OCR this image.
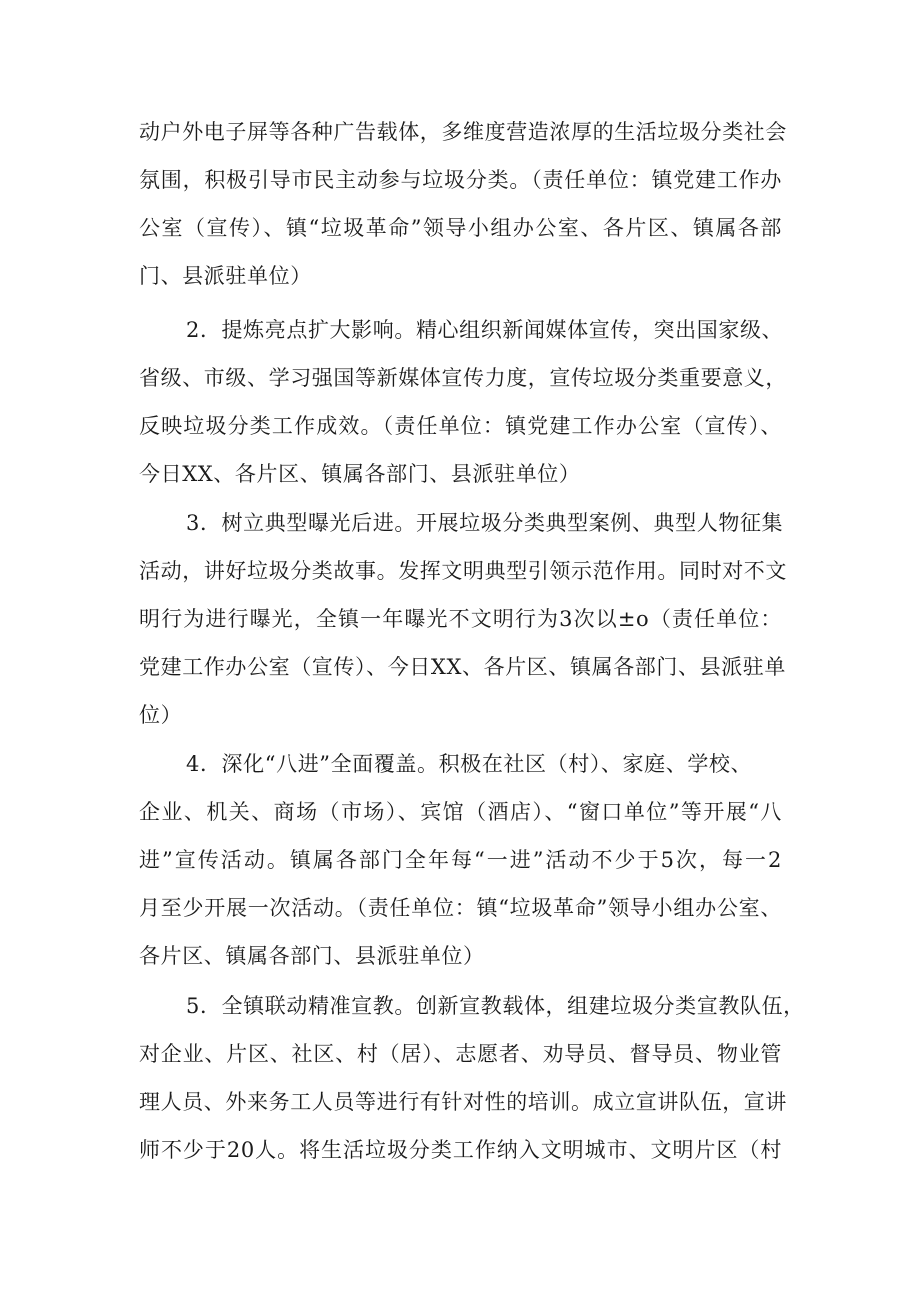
动户外电子屏等各种广告载体，多维度营造浓厚的生活垃圾分类社会
氛围，积极引导市民主动参与垃圾分类。（责任单位：镇党建工作办
公室（宣传）、镇“垃圾革命”领导小组办公室、各片区、镇属各部
门、县派驻单位）
2．提炼亮点扩大影响。精心组织新闻媒体宣传，突出国家级、
省级、市级、学习强国等新媒体宣传力度，宣传垃圾分类重要意义，
反映垃圾分类工作成效。（责任单位：镇党建工作办公室（宣传）、
今日XX、各片区、镇属各部门、县派驻单位）
3．树立典型曝光后进。开展垃圾分类典型案例、典型人物征集
活动，讲好垃圾分类故事。发挥文明典型引领示范作用。同时对不文
明行为进行曝光，全镇一年曝光不文明行为3次以±o（责任单位：
党建工作办公室（宣传）、今日XX、各片区、镇属各部门、县派驻单
位）
4．深化“八进”全面覆盖。积极在社区（村）、家庭、学校、
企业、机关、商场（市场）、宾馆（酒店）、“窗口单位”等开展“八
进”宣传活动。镇属各部门全年每“一进”活动不少于5次，每一2
月至少开展一次活动。（责任单位：镇“垃圾革命”领导小组办公室、
各片区、镇属各部门、县派驻单位）
5．全镇联动精准宣教。创新宣教载体，组建垃圾分类宣教队伍，
对企业、片区、社区、村（居）、志愿者、劝导员、督导员、物业管
理人员、外来务工人员等进行有针对性的培训。成立宣讲队伍，宣讲
师不少于20人。将生活垃圾分类工作纳入文明城市、文明片区（村
